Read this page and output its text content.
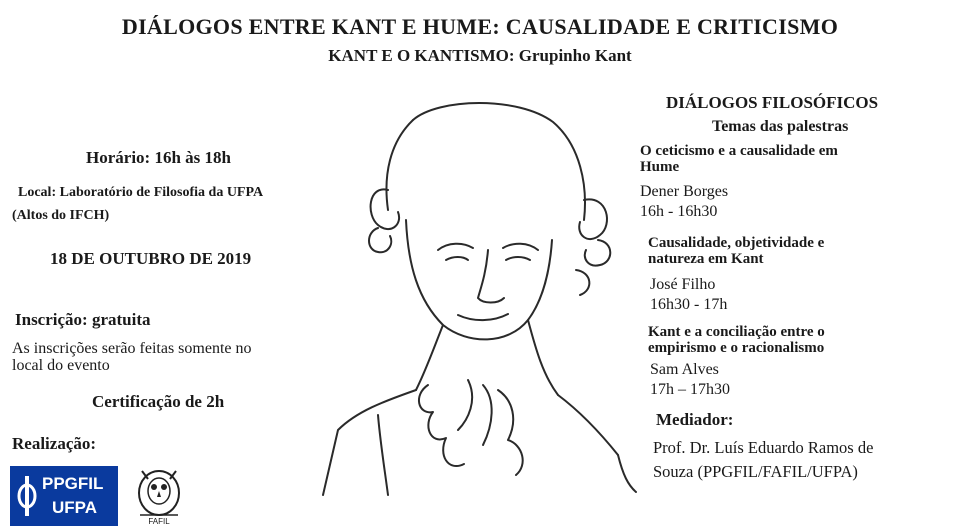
DIÁLOGOS ENTRE KANT E HUME: CAUSALIDADE E CRITICISMO
KANT E O KANTISMO: Grupinho Kant
Horário: 16h às 18h
Local: Laboratório de Filosofia da UFPA
(Altos do IFCH)
18 DE OUTUBRO DE 2019
Inscrição: gratuita
As inscrições serão feitas somente no
local do evento
Certificação de 2h
Realização:
PPGFIL
UFPA
FAFIL
DIÁLOGOS FILOSÓFICOS
Temas das palestras
O ceticismo e a causalidade em
Hume
Dener Borges
16h - 16h30
Causalidade, objetividade e
natureza em Kant
José Filho
16h30 - 17h
Kant e a conciliação entre o
empirismo e o racionalismo
Sam Alves
17h – 17h30
Mediador:
Prof. Dr. Luís Eduardo Ramos de
Souza (PPGFIL/FAFIL/UFPA)
